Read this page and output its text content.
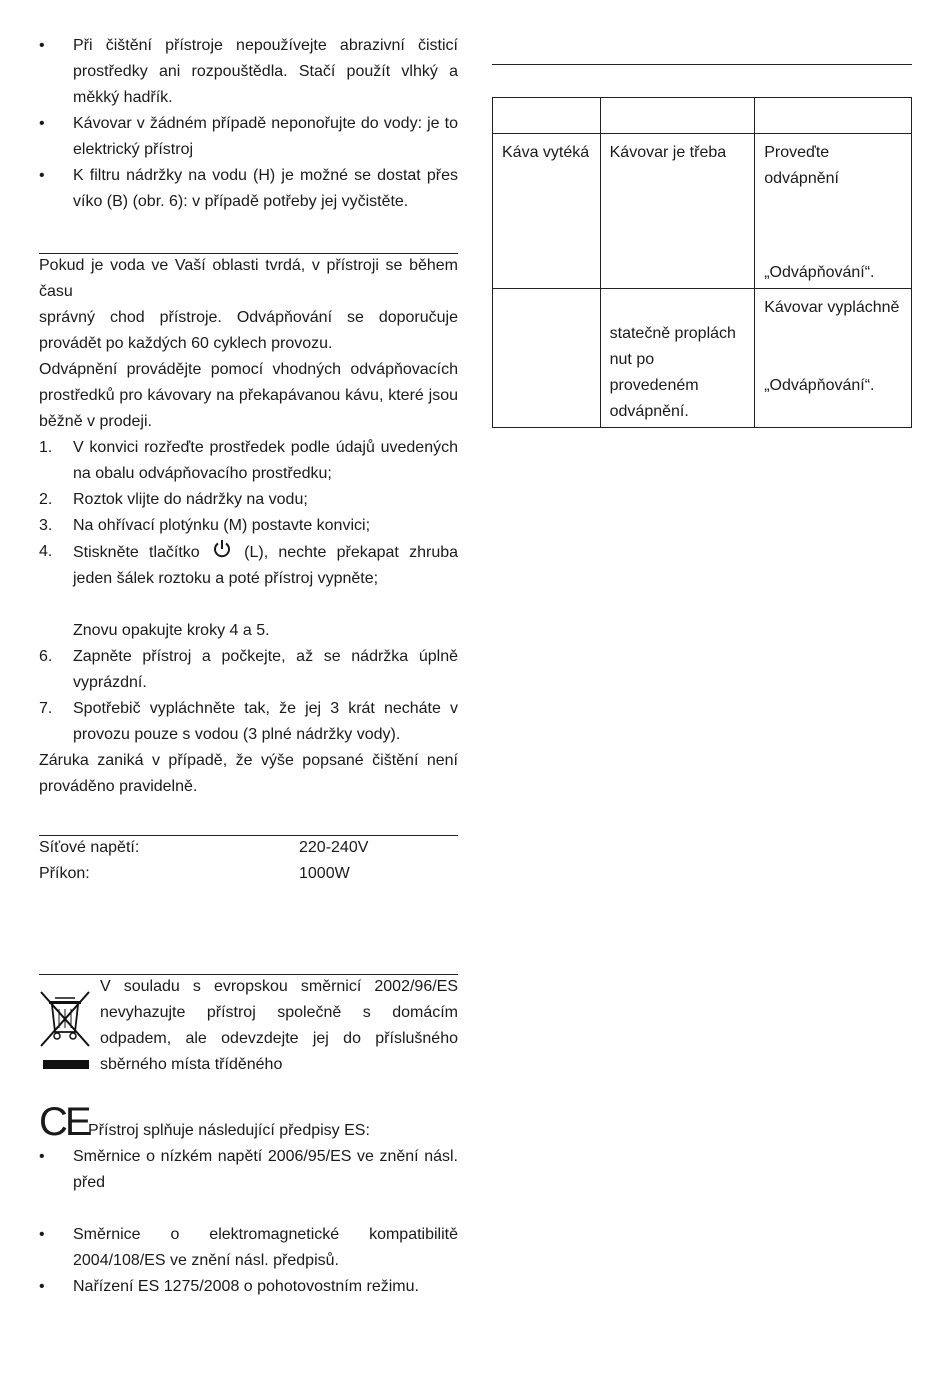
•	Při čištění přístroje nepoužívejte abrazivní čisticí prostředky ani rozpouštědla. Stačí použít vlhký a měkký hadřík.
•	Kávovar v žádném případě neponořujte do vody: je to elektrický přístroj
•	K filtru nádržky na vodu (H) je možné se dostat přes víko (B) (obr. 6): v případě potřeby jej vyčistěte.
Pokud je voda ve Vaší oblasti tvrdá, v přístroji se během času
správný chod přístroje. Odvápňování se doporučuje provádět po každých 60 cyklech provozu.
Odvápnění provádějte pomocí vhodných odvápňovacích prostředků pro kávovary na překapávanou kávu, které jsou běžně v prodeji.
1.	V konvici rozřeďte prostředek podle údajů uvedených na obalu odvápňovacího prostředku;
2.	Roztok vlijte do nádržky na vodu;
3.	Na ohřívací plotýnku (M) postavte konvici;
4.	Stiskněte tlačítko	(L), nechte překapat zhruba jeden šálek roztoku a poté přístroj vypněte;
Znovu opakujte kroky 4 a 5.
6.	Zapněte přístroj a počkejte, až se nádržka úplně vyprázdní.
7.	Spotřebič vypláchněte tak, že jej 3 krát necháte v provozu pouze s vodou (3 plné nádržky vody).
Záruka zaniká v případě, že výše popsané čištění není prováděno pravidelně.
Síťové napětí:	220-240V
Příkon:	1000W
V souladu s evropskou směrnicí 2002/96/ES nevyhazujte přístroj společně s domácím odpadem, ale odevzdejte jej do příslušného sběrného místa tříděného
CE Přístroj splňuje následující předpisy ES:
•	Směrnice o nízkém napětí 2006/95/ES ve znění násl. před
•	Směrnice o elektromagnetické kompatibilitě 2004/108/ES ve znění násl. předpisů.
•	Nařízení ES 1275/2008 o pohotovostním režimu.

Káva vytéká	Kávovar je třeba	Proveďte odvápnění
„Odvápňování“.

	statečně proplách nut po provedeném odvápnění.	Kávovar vypláchně
„Odvápňování“.
